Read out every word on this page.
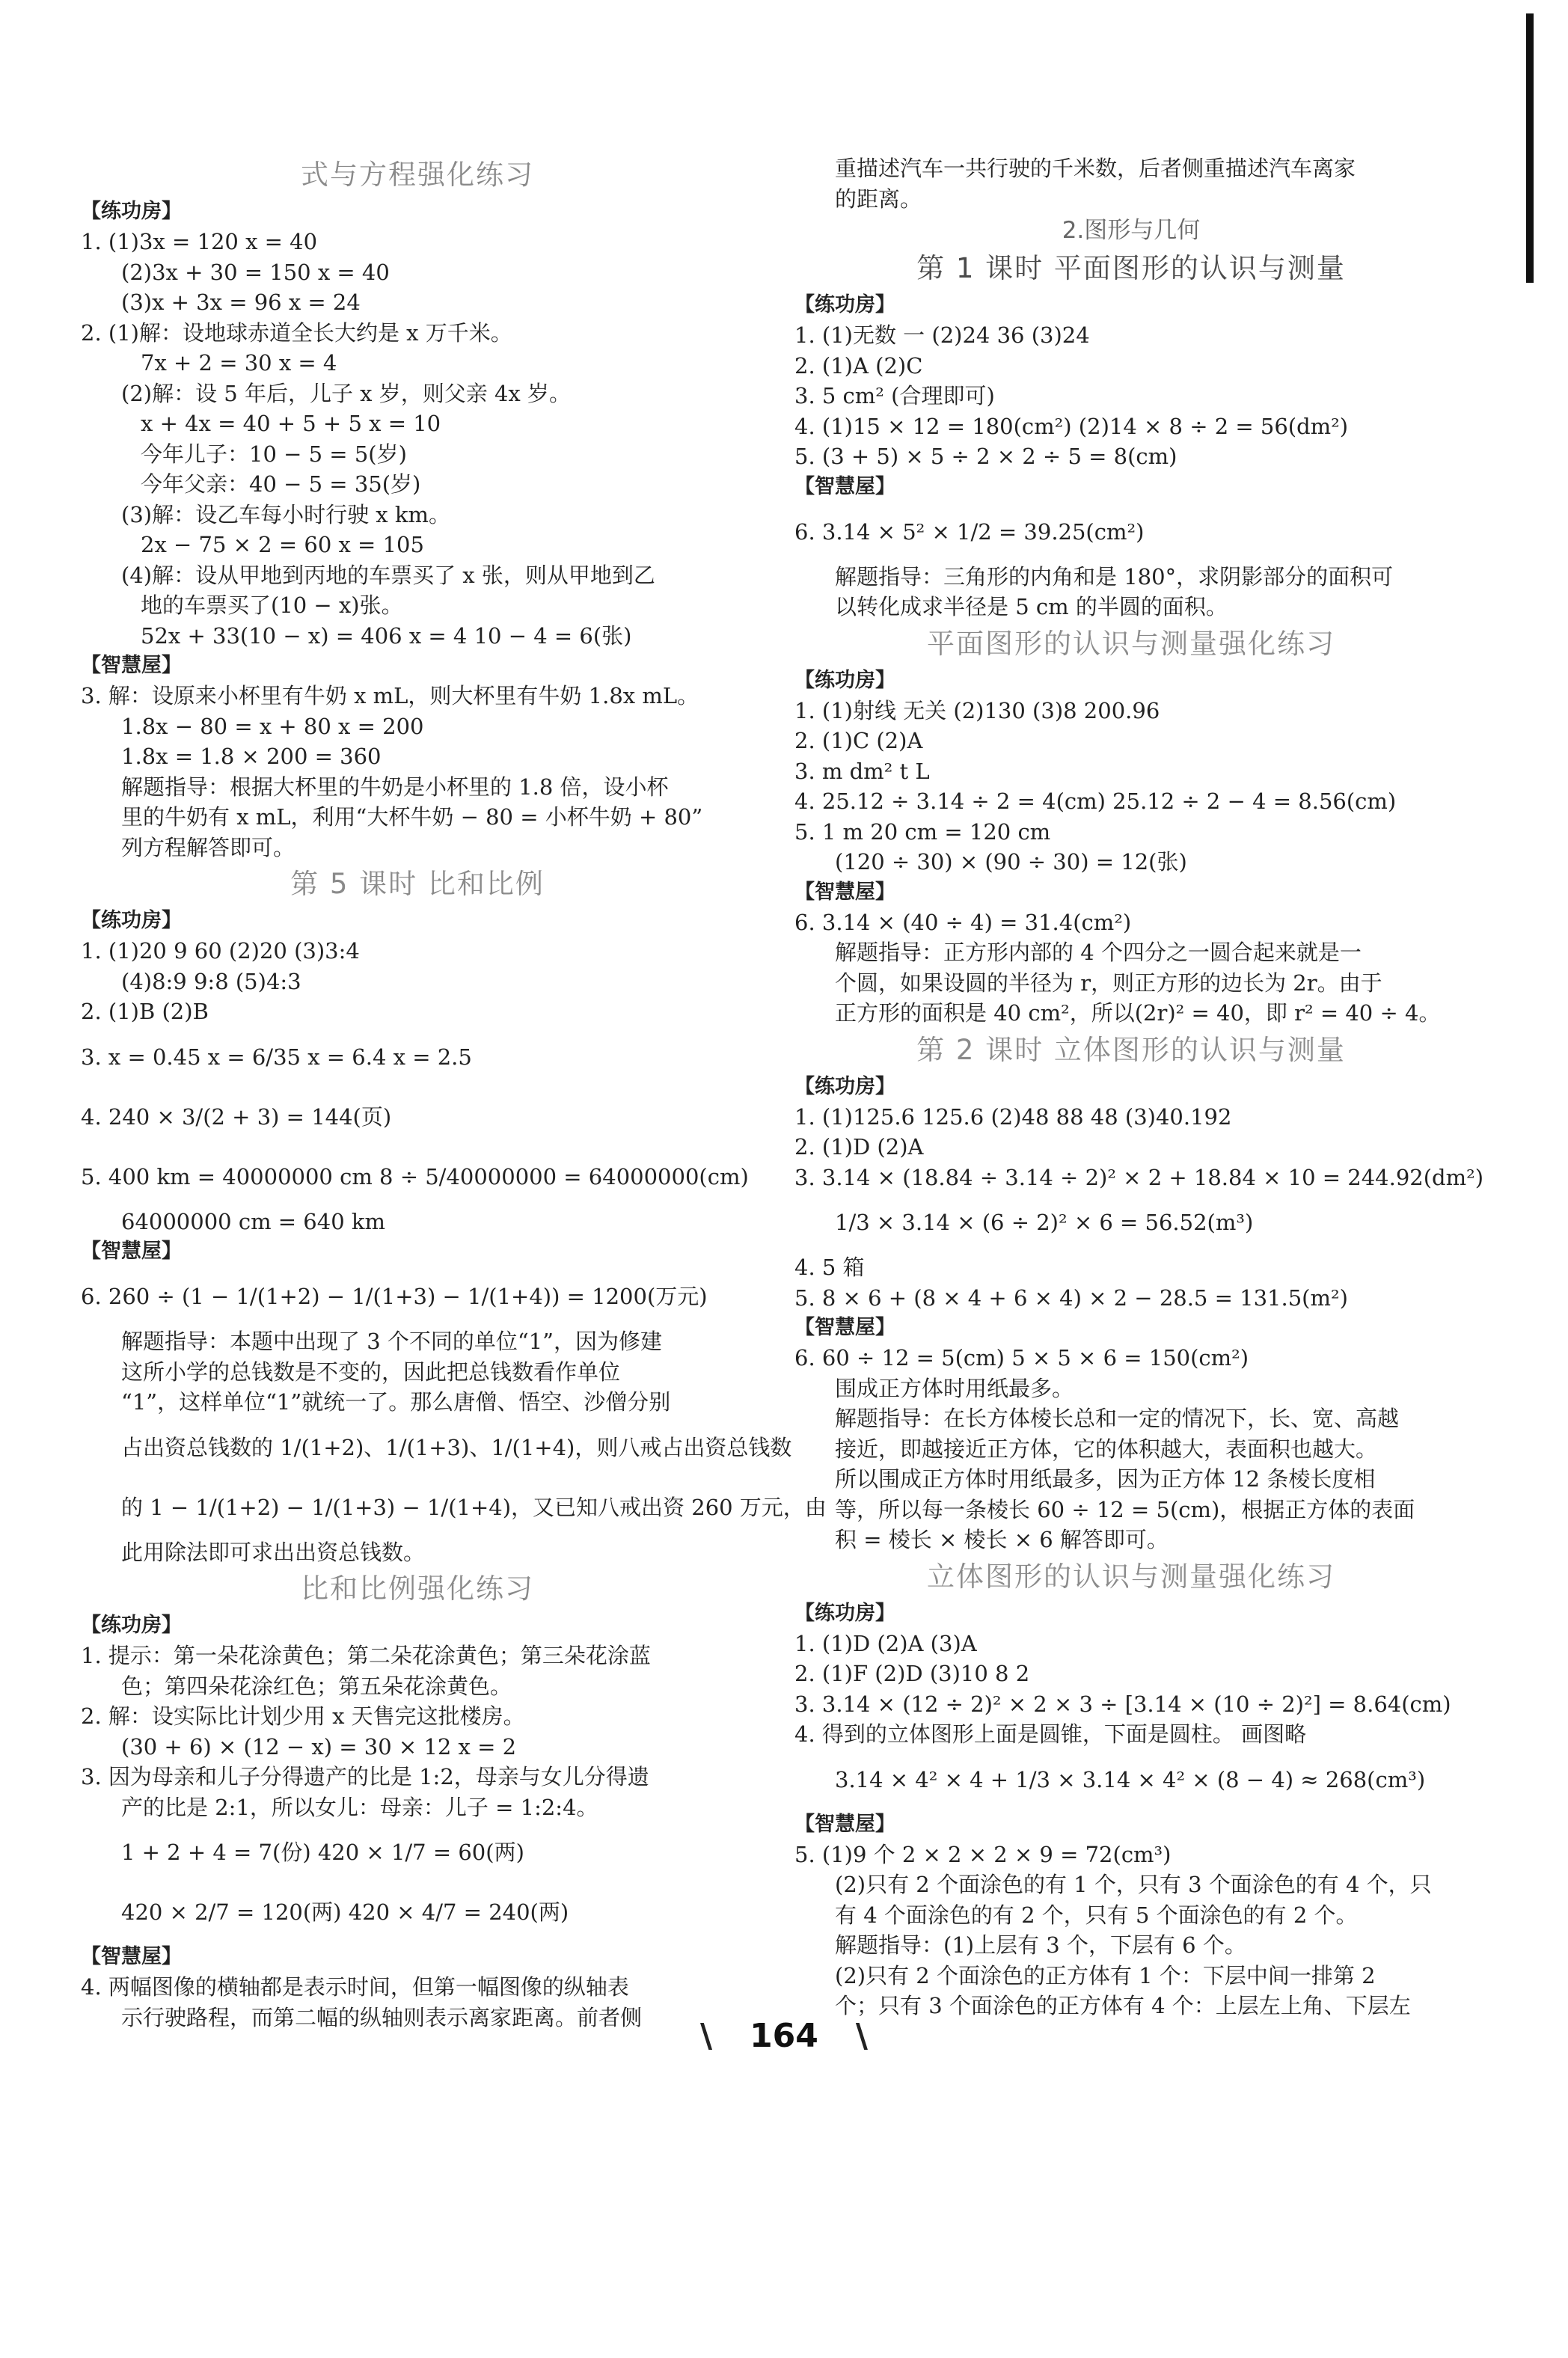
式与方程强化练习
【练功房】
1. (1)3x = 120 x = 40
(2)3x + 30 = 150 x = 40
(3)x + 3x = 96 x = 24
2. (1)解：设地球赤道全长大约是 x 万千米。
7x + 2 = 30 x = 4
(2)解：设 5 年后，儿子 x 岁，则父亲 4x 岁。
x + 4x = 40 + 5 + 5 x = 10
今年儿子：10 − 5 = 5(岁)
今年父亲：40 − 5 = 35(岁)
(3)解：设乙车每小时行驶 x km。
2x − 75 × 2 = 60 x = 105
(4)解：设从甲地到丙地的车票买了 x 张，则从甲地到乙
地的车票买了(10 − x)张。
52x + 33(10 − x) = 406 x = 4 10 − 4 = 6(张)
【智慧屋】
3. 解：设原来小杯里有牛奶 x mL，则大杯里有牛奶 1.8x mL。
1.8x − 80 = x + 80 x = 200
1.8x = 1.8 × 200 = 360
解题指导：根据大杯里的牛奶是小杯里的 1.8 倍，设小杯
里的牛奶有 x mL，利用“大杯牛奶 − 80 = 小杯牛奶 + 80”
列方程解答即可。
第 5 课时 比和比例
【练功房】
1. (1)20 9 60 (2)20 (3)3:4
(4)8:9 9:8 (5)4:3
2. (1)B (2)B
3. x = 0.45 x = 6/35 x = 6.4 x = 2.5
4. 240 × 3/(2 + 3) = 144(页)
5. 400 km = 40000000 cm 8 ÷ 5/40000000 = 64000000(cm)
64000000 cm = 640 km
【智慧屋】
6. 260 ÷ (1 − 1/(1+2) − 1/(1+3) − 1/(1+4)) = 1200(万元)
解题指导：本题中出现了 3 个不同的单位“1”，因为修建
这所小学的总钱数是不变的，因此把总钱数看作单位
“1”，这样单位“1”就统一了。那么唐僧、悟空、沙僧分别
占出资总钱数的 1/(1+2)、1/(1+3)、1/(1+4)，则八戒占出资总钱数
的 1 − 1/(1+2) − 1/(1+3) − 1/(1+4)，又已知八戒出资 260 万元，由
此用除法即可求出出资总钱数。
比和比例强化练习
【练功房】
1. 提示：第一朵花涂黄色；第二朵花涂黄色；第三朵花涂蓝
色；第四朵花涂红色；第五朵花涂黄色。
2. 解：设实际比计划少用 x 天售完这批楼房。
(30 + 6) × (12 − x) = 30 × 12 x = 2
3. 因为母亲和儿子分得遗产的比是 1:2，母亲与女儿分得遗
产的比是 2:1，所以女儿：母亲：儿子 = 1:2:4。
1 + 2 + 4 = 7(份) 420 × 1/7 = 60(两)
420 × 2/7 = 120(两) 420 × 4/7 = 240(两)
【智慧屋】
4. 两幅图像的横轴都是表示时间，但第一幅图像的纵轴表
示行驶路程，而第二幅的纵轴则表示离家距离。前者侧
重描述汽车一共行驶的千米数，后者侧重描述汽车离家
的距离。
2.图形与几何
第 1 课时 平面图形的认识与测量
【练功房】
1. (1)无数 一 (2)24 36 (3)24
2. (1)A (2)C
3. 5 cm² (合理即可)
4. (1)15 × 12 = 180(cm²) (2)14 × 8 ÷ 2 = 56(dm²)
5. (3 + 5) × 5 ÷ 2 × 2 ÷ 5 = 8(cm)
【智慧屋】
6. 3.14 × 5² × 1/2 = 39.25(cm²)
解题指导：三角形的内角和是 180°，求阴影部分的面积可
以转化成求半径是 5 cm 的半圆的面积。
平面图形的认识与测量强化练习
【练功房】
1. (1)射线 无关 (2)130 (3)8 200.96
2. (1)C (2)A
3. m dm² t L
4. 25.12 ÷ 3.14 ÷ 2 = 4(cm) 25.12 ÷ 2 − 4 = 8.56(cm)
5. 1 m 20 cm = 120 cm
(120 ÷ 30) × (90 ÷ 30) = 12(张)
【智慧屋】
6. 3.14 × (40 ÷ 4) = 31.4(cm²)
解题指导：正方形内部的 4 个四分之一圆合起来就是一
个圆，如果设圆的半径为 r，则正方形的边长为 2r。由于
正方形的面积是 40 cm²，所以(2r)² = 40，即 r² = 40 ÷ 4。
第 2 课时 立体图形的认识与测量
【练功房】
1. (1)125.6 125.6 (2)48 88 48 (3)40.192
2. (1)D (2)A
3. 3.14 × (18.84 ÷ 3.14 ÷ 2)² × 2 + 18.84 × 10 = 244.92(dm²)
1/3 × 3.14 × (6 ÷ 2)² × 6 = 56.52(m³)
4. 5 箱
5. 8 × 6 + (8 × 4 + 6 × 4) × 2 − 28.5 = 131.5(m²)
【智慧屋】
6. 60 ÷ 12 = 5(cm) 5 × 5 × 6 = 150(cm²)
围成正方体时用纸最多。
解题指导：在长方体棱长总和一定的情况下，长、宽、高越
接近，即越接近正方体，它的体积越大，表面积也越大。
所以围成正方体时用纸最多，因为正方体 12 条棱长度相
等，所以每一条棱长 60 ÷ 12 = 5(cm)，根据正方体的表面
积 = 棱长 × 棱长 × 6 解答即可。
立体图形的认识与测量强化练习
【练功房】
1. (1)D (2)A (3)A
2. (1)F (2)D (3)10 8 2
3. 3.14 × (12 ÷ 2)² × 2 × 3 ÷ [3.14 × (10 ÷ 2)²] = 8.64(cm)
4. 得到的立体图形上面是圆锥，下面是圆柱。 画图略
3.14 × 4² × 4 + 1/3 × 3.14 × 4² × (8 − 4) ≈ 268(cm³)
【智慧屋】
5. (1)9 个 2 × 2 × 2 × 9 = 72(cm³)
(2)只有 2 个面涂色的有 1 个，只有 3 个面涂色的有 4 个，只
有 4 个面涂色的有 2 个，只有 5 个面涂色的有 2 个。
解题指导：(1)上层有 3 个，下层有 6 个。
(2)只有 2 个面涂色的正方体有 1 个：下层中间一排第 2
个；只有 3 个面涂色的正方体有 4 个：上层左上角、下层左
\ 164 \
